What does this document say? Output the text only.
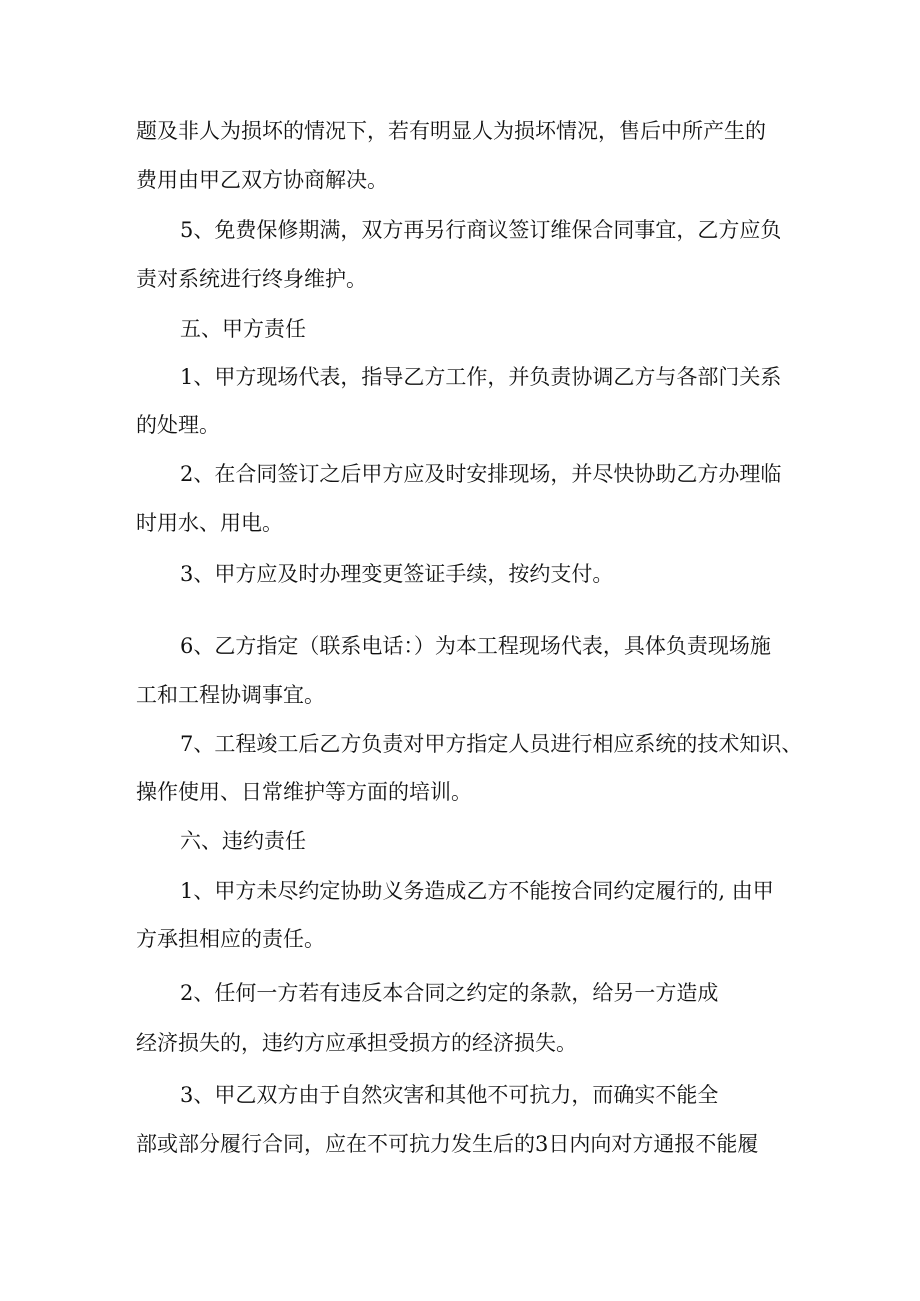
题及非人为损坏的情况下，若有明显人为损坏情况，售后中所产生的

费用由甲乙双方协商解决。

5、免费保修期满，双方再另行商议签订维保合同事宜，乙方应负

责对系统进行终身维护。

五、甲方责任

1、甲方现场代表，指导乙方工作，并负责协调乙方与各部门关系

的处理。

2、在合同签订之后甲方应及时安排现场，并尽快协助乙方办理临

时用水、用电。

3、甲方应及时办理变更签证手续，按约支付。

6、乙方指定（联系电话：）为本工程现场代表，具体负责现场施

工和工程协调事宜。

7、工程竣工后乙方负责对甲方指定人员进行相应系统的技术知识、

操作使用、日常维护等方面的培训。

六、违约责任

1、甲方未尽约定协助义务造成乙方不能按合同约定履行的, 由甲

方承担相应的责任。

2、任何一方若有违反本合同之约定的条款，给另一方造成

经济损失的，违约方应承担受损方的经济损失。

3、甲乙双方由于自然灾害和其他不可抗力，而确实不能全

部或部分履行合同，应在不可抗力发生后的3日内向对方通报不能履
